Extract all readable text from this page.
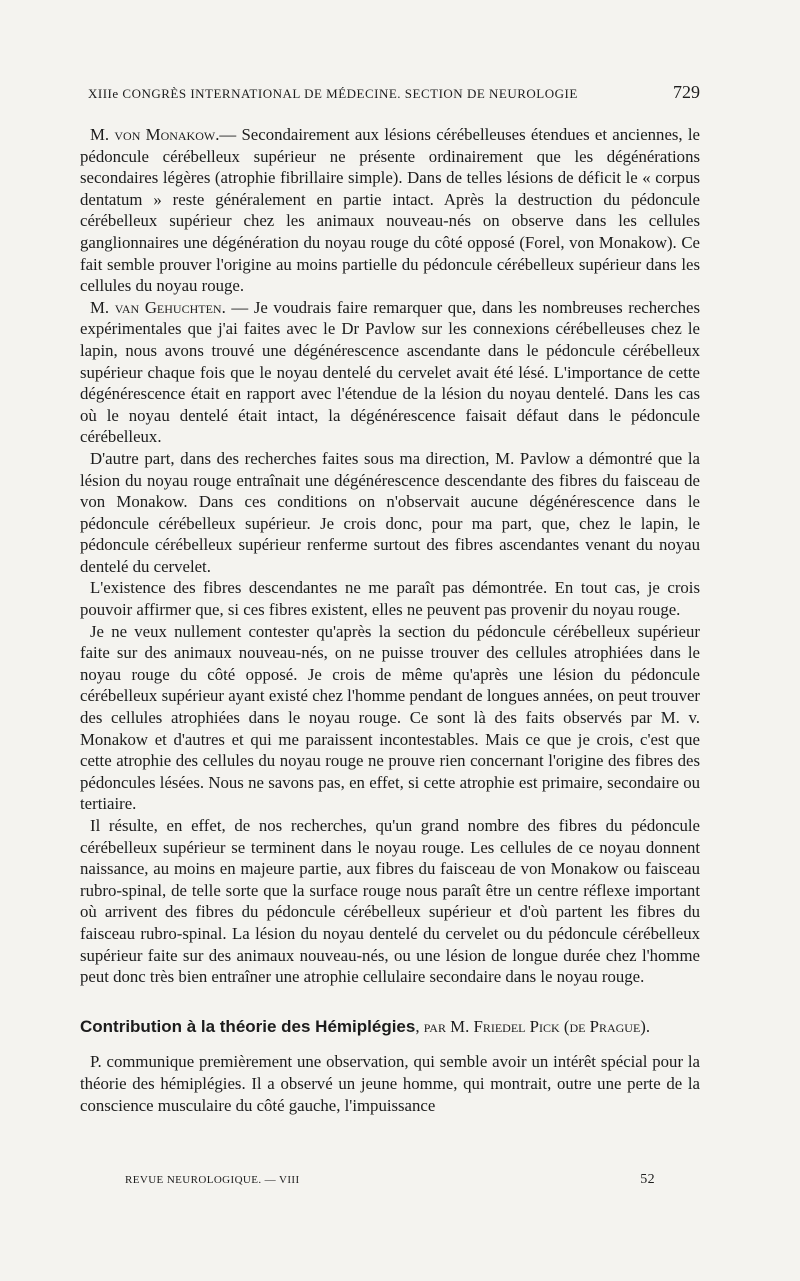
XIIIe CONGRÈS INTERNATIONAL DE MÉDECINE. SECTION DE NEUROLOGIE	729

M. von Monakow.— Secondairement aux lésions cérébelleuses étendues et anciennes, le pédoncule cérébelleux supérieur ne présente ordinairement que les dégénérations secondaires légères (atrophie fibrillaire simple). Dans de telles lésions de déficit le « corpus dentatum » reste généralement en partie intact. Après la destruction du pédoncule cérébelleux supérieur chez les animaux nouveau-nés on observe dans les cellules ganglionnaires une dégénération du noyau rouge du côté opposé (Forel, von Monakow). Ce fait semble prouver l'origine au moins partielle du pédoncule cérébelleux supérieur dans les cellules du noyau rouge.

M. van Gehuchten. — Je voudrais faire remarquer que, dans les nombreuses recherches expérimentales que j'ai faites avec le Dr Pavlow sur les connexions cérébelleuses chez le lapin, nous avons trouvé une dégénérescence ascendante dans le pédoncule cérébelleux supérieur chaque fois que le noyau dentelé du cervelet avait été lésé. L'importance de cette dégénérescence était en rapport avec l'étendue de la lésion du noyau dentelé. Dans les cas où le noyau dentelé était intact, la dégénérescence faisait défaut dans le pédoncule cérébelleux.

D'autre part, dans des recherches faites sous ma direction, M. Pavlow a démontré que la lésion du noyau rouge entraînait une dégénérescence descendante des fibres du faisceau de von Monakow. Dans ces conditions on n'observait aucune dégénérescence dans le pédoncule cérébelleux supérieur. Je crois donc, pour ma part, que, chez le lapin, le pédoncule cérébelleux supérieur renferme surtout des fibres ascendantes venant du noyau dentelé du cervelet.

L'existence des fibres descendantes ne me paraît pas démontrée. En tout cas, je crois pouvoir affirmer que, si ces fibres existent, elles ne peuvent pas provenir du noyau rouge.

Je ne veux nullement contester qu'après la section du pédoncule cérébelleux supérieur faite sur des animaux nouveau-nés, on ne puisse trouver des cellules atrophiées dans le noyau rouge du côté opposé. Je crois de même qu'après une lésion du pédoncule cérébelleux supérieur ayant existé chez l'homme pendant de longues années, on peut trouver des cellules atrophiées dans le noyau rouge. Ce sont là des faits observés par M. v. Monakow et d'autres et qui me paraissent incontestables. Mais ce que je crois, c'est que cette atrophie des cellules du noyau rouge ne prouve rien concernant l'origine des fibres des pédoncules lésées. Nous ne savons pas, en effet, si cette atrophie est primaire, secondaire ou tertiaire.

Il résulte, en effet, de nos recherches, qu'un grand nombre des fibres du pédoncule cérébelleux supérieur se terminent dans le noyau rouge. Les cellules de ce noyau donnent naissance, au moins en majeure partie, aux fibres du faisceau de von Monakow ou faisceau rubro-spinal, de telle sorte que la surface rouge nous paraît être un centre réflexe important où arrivent des fibres du pédoncule cérébelleux supérieur et d'où partent les fibres du faisceau rubro-spinal. La lésion du noyau dentelé du cervelet ou du pédoncule cérébelleux supérieur faite sur des animaux nouveau-nés, ou une lésion de longue durée chez l'homme peut donc très bien entraîner une atrophie cellulaire secondaire dans le noyau rouge.

Contribution à la théorie des Hémiplégies, par M. Friedel Pick (de Prague).

P. communique premièrement une observation, qui semble avoir un intérêt spécial pour la théorie des hémiplégies. Il a observé un jeune homme, qui montrait, outre une perte de la conscience musculaire du côté gauche, l'impuissance

REVUE NEUROLOGIQUE. — VIII	52
